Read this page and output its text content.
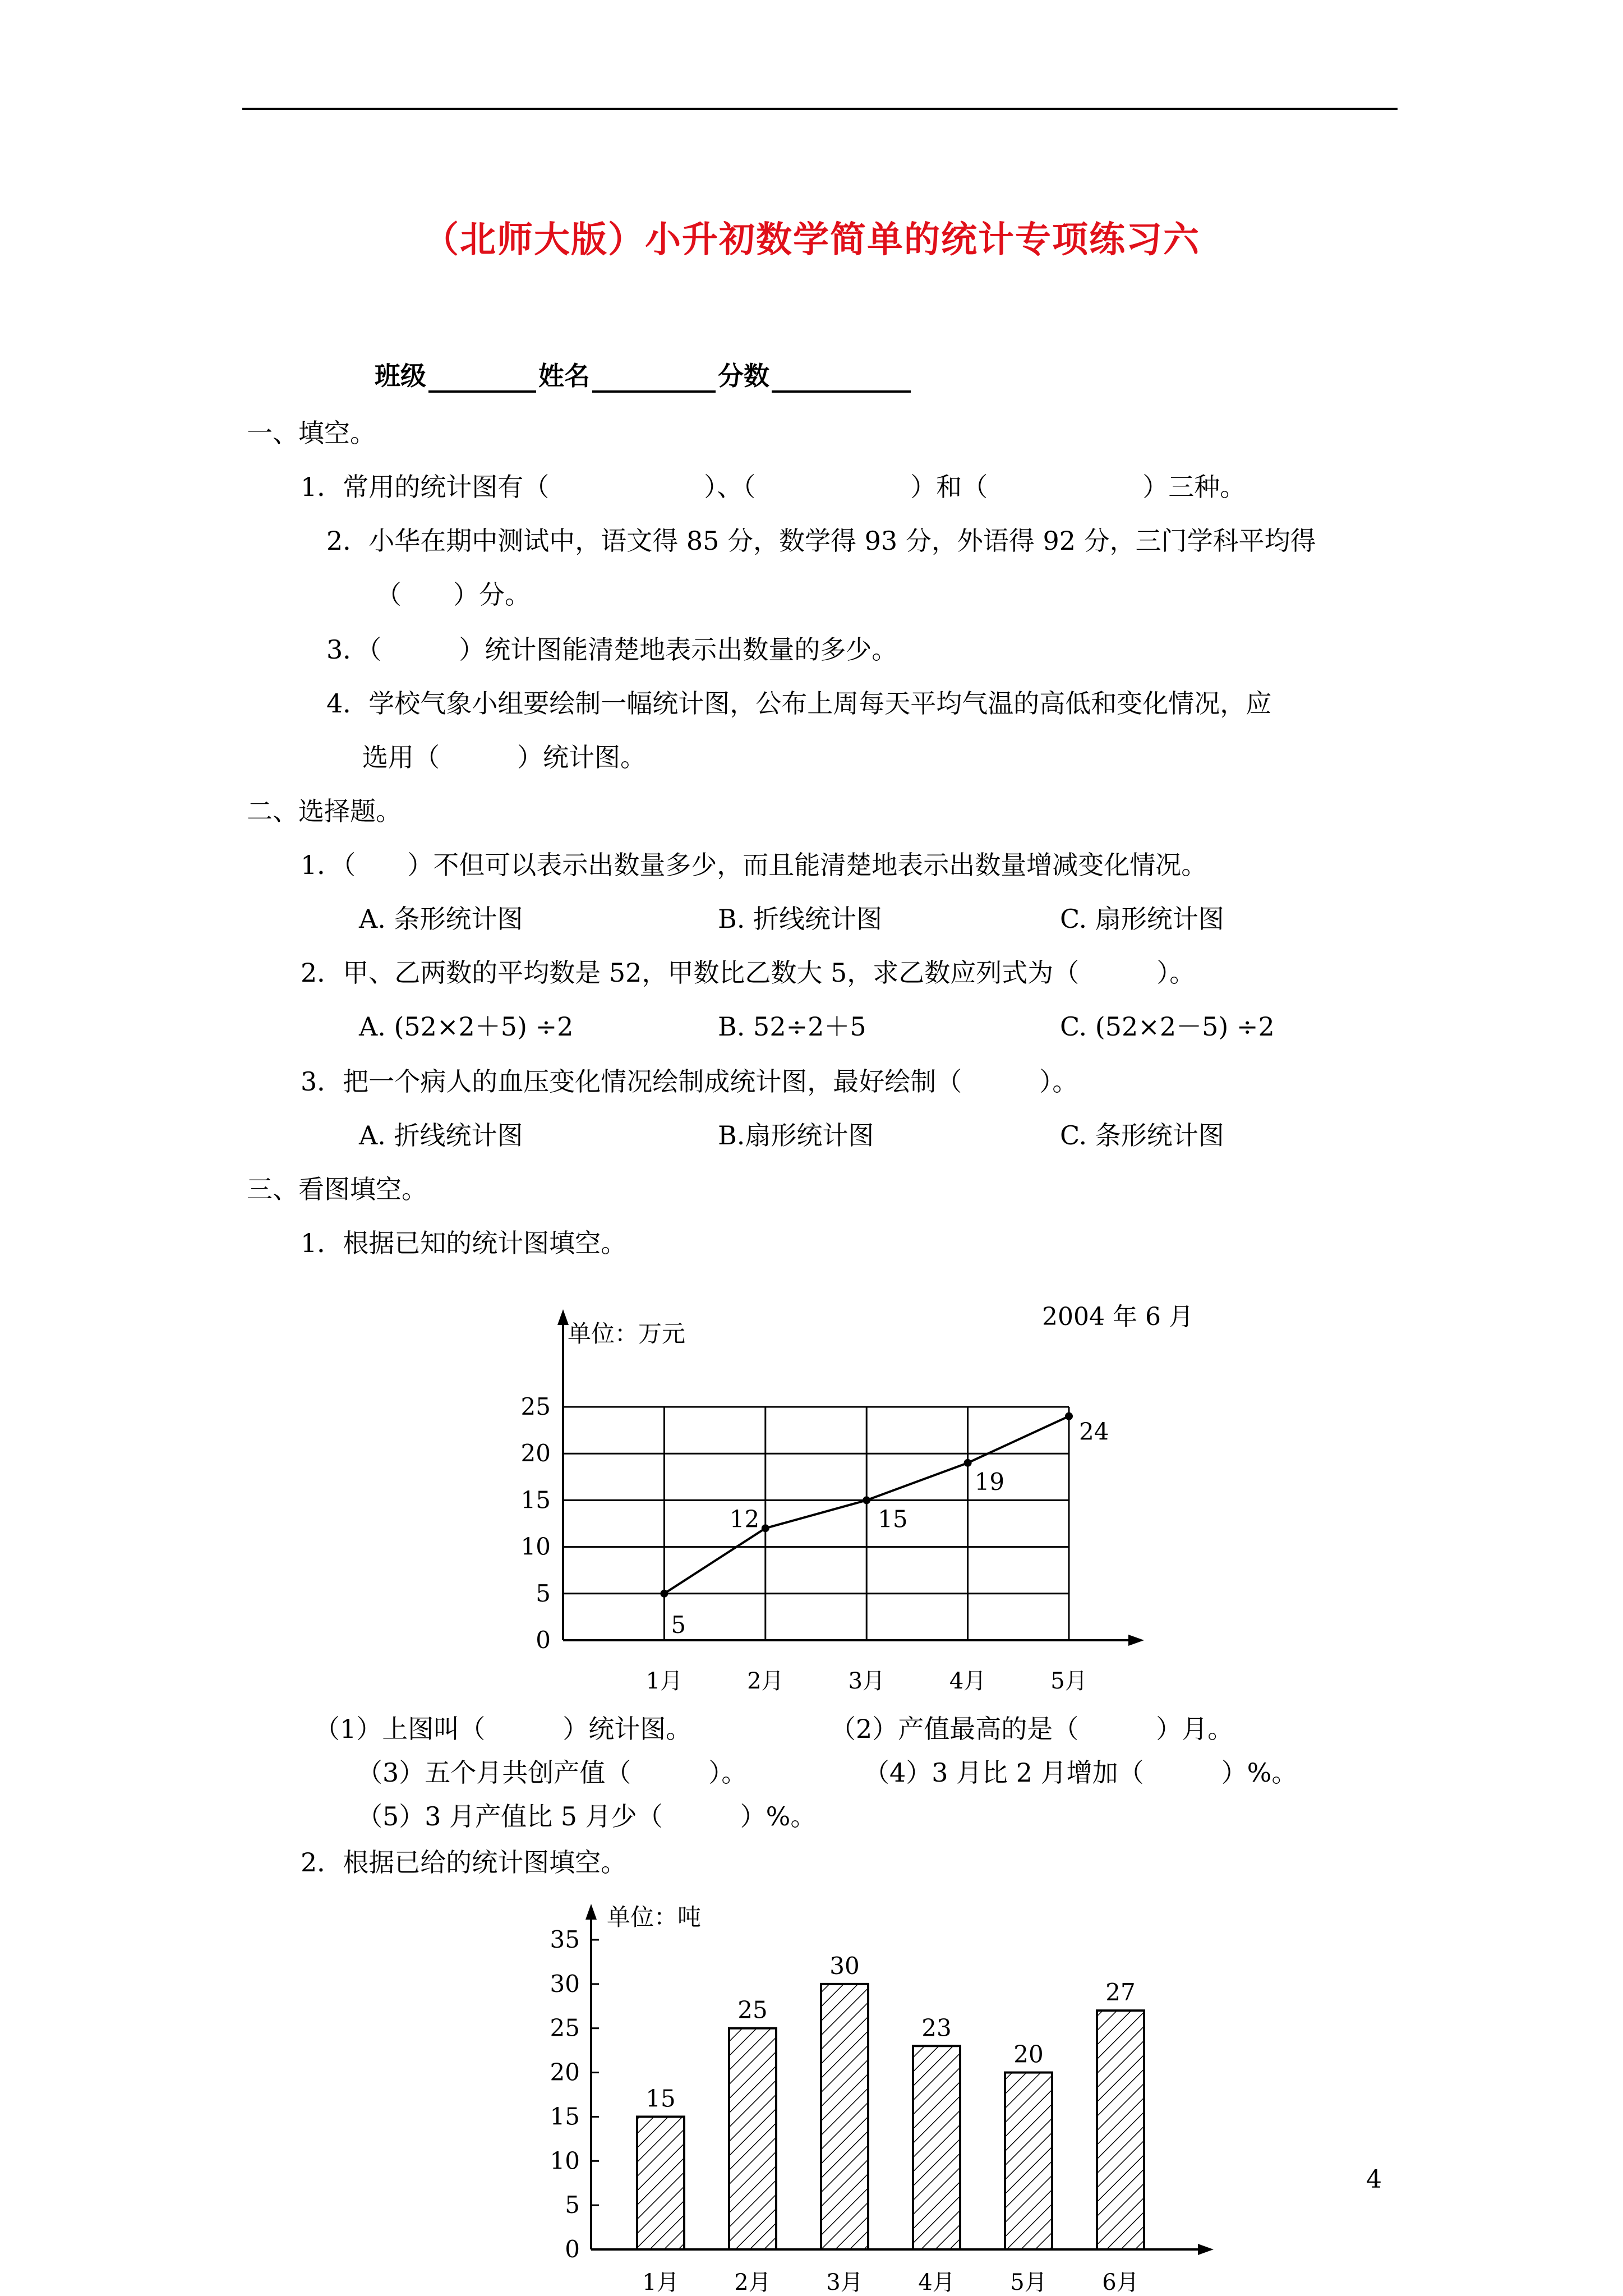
（北师大版）小升初数学简单的统计专项练习六
班级	姓名	分数
一、填空。
1．常用的统计图有（　　　　　　）、（　　　　　　）和（　　　　　　）三种。
2．小华在期中测试中，语文得 85 分，数学得 93 分，外语得 92 分，三门学科平均得
（　　）分。
3．（　　　）统计图能清楚地表示出数量的多少。
4．学校气象小组要绘制一幅统计图，公布上周每天平均气温的高低和变化情况，应
选用（　　　）统计图。
二、选择题。
1．（　　）不但可以表示出数量多少，而且能清楚地表示出数量增减变化情况。
A. 条形统计图	B. 折线统计图	C. 扇形统计图
2．甲、乙两数的平均数是 52，甲数比乙数大 5，求乙数应列式为（　　　）。
A. (52×2＋5) ÷2	B. 52÷2＋5	C. (52×2－5) ÷2
3．把一个病人的血压变化情况绘制成统计图，最好绘制（　　　）。
A. 折线统计图	B.扇形统计图	C. 条形统计图
三、看图填空。
1．根据已知的统计图填空。
0
5
10
15
20
25
1月	2月	3月	4月	5月
5
12	15
19
24
单位：万元
2004 年 6 月
0
5
10
15
20
25
30
35
15
1月
25
2月
30
3月
23
4月
20
5月
27
6月
单位：吨
（1）上图叫（　　　）统计图。	（2）产值最高的是（　　　）月。
（3）五个月共创产值（　　　）。	（4）3 月比 2 月增加（　　　）%。
（5）3 月产值比 5 月少（　　　）%。
2．根据已给的统计图填空。
4
